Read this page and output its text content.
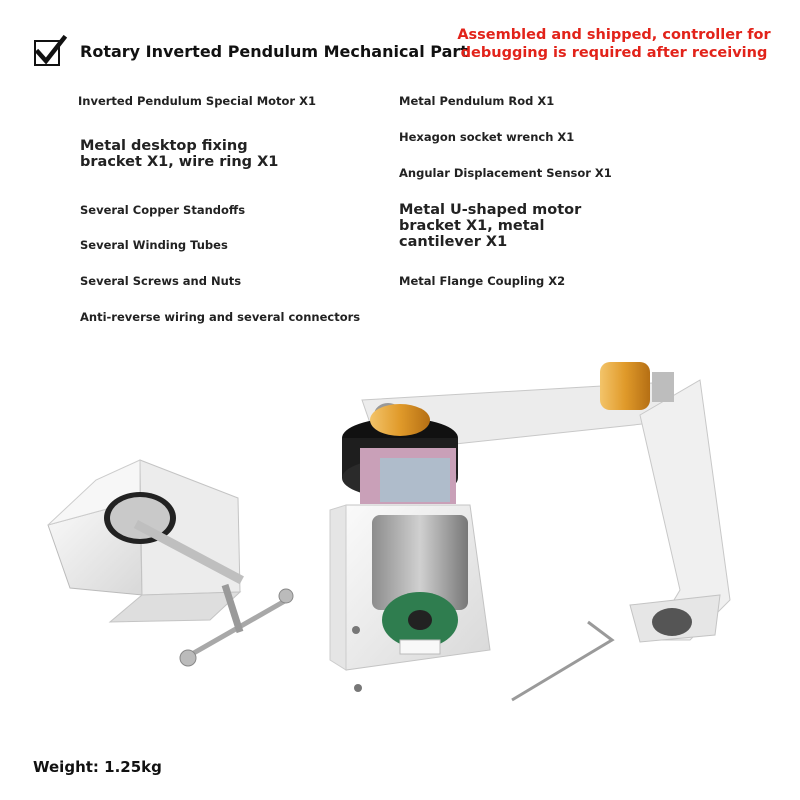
Rotary Inverted Pendulum Mechanical Part
Assembled and shipped, controller for debugging is required after receiving
Inverted Pendulum Special Motor X1
Metal desktop fixing bracket X1, wire ring X1
Several Copper Standoffs
Several Winding Tubes
Several Screws and Nuts
Anti-reverse wiring and several connectors
Metal Pendulum Rod X1
Hexagon socket wrench X1
Angular Displacement Sensor X1
Metal U-shaped motor bracket X1, metal cantilever X1
Metal Flange Coupling X2
Weight: 1.25kg
